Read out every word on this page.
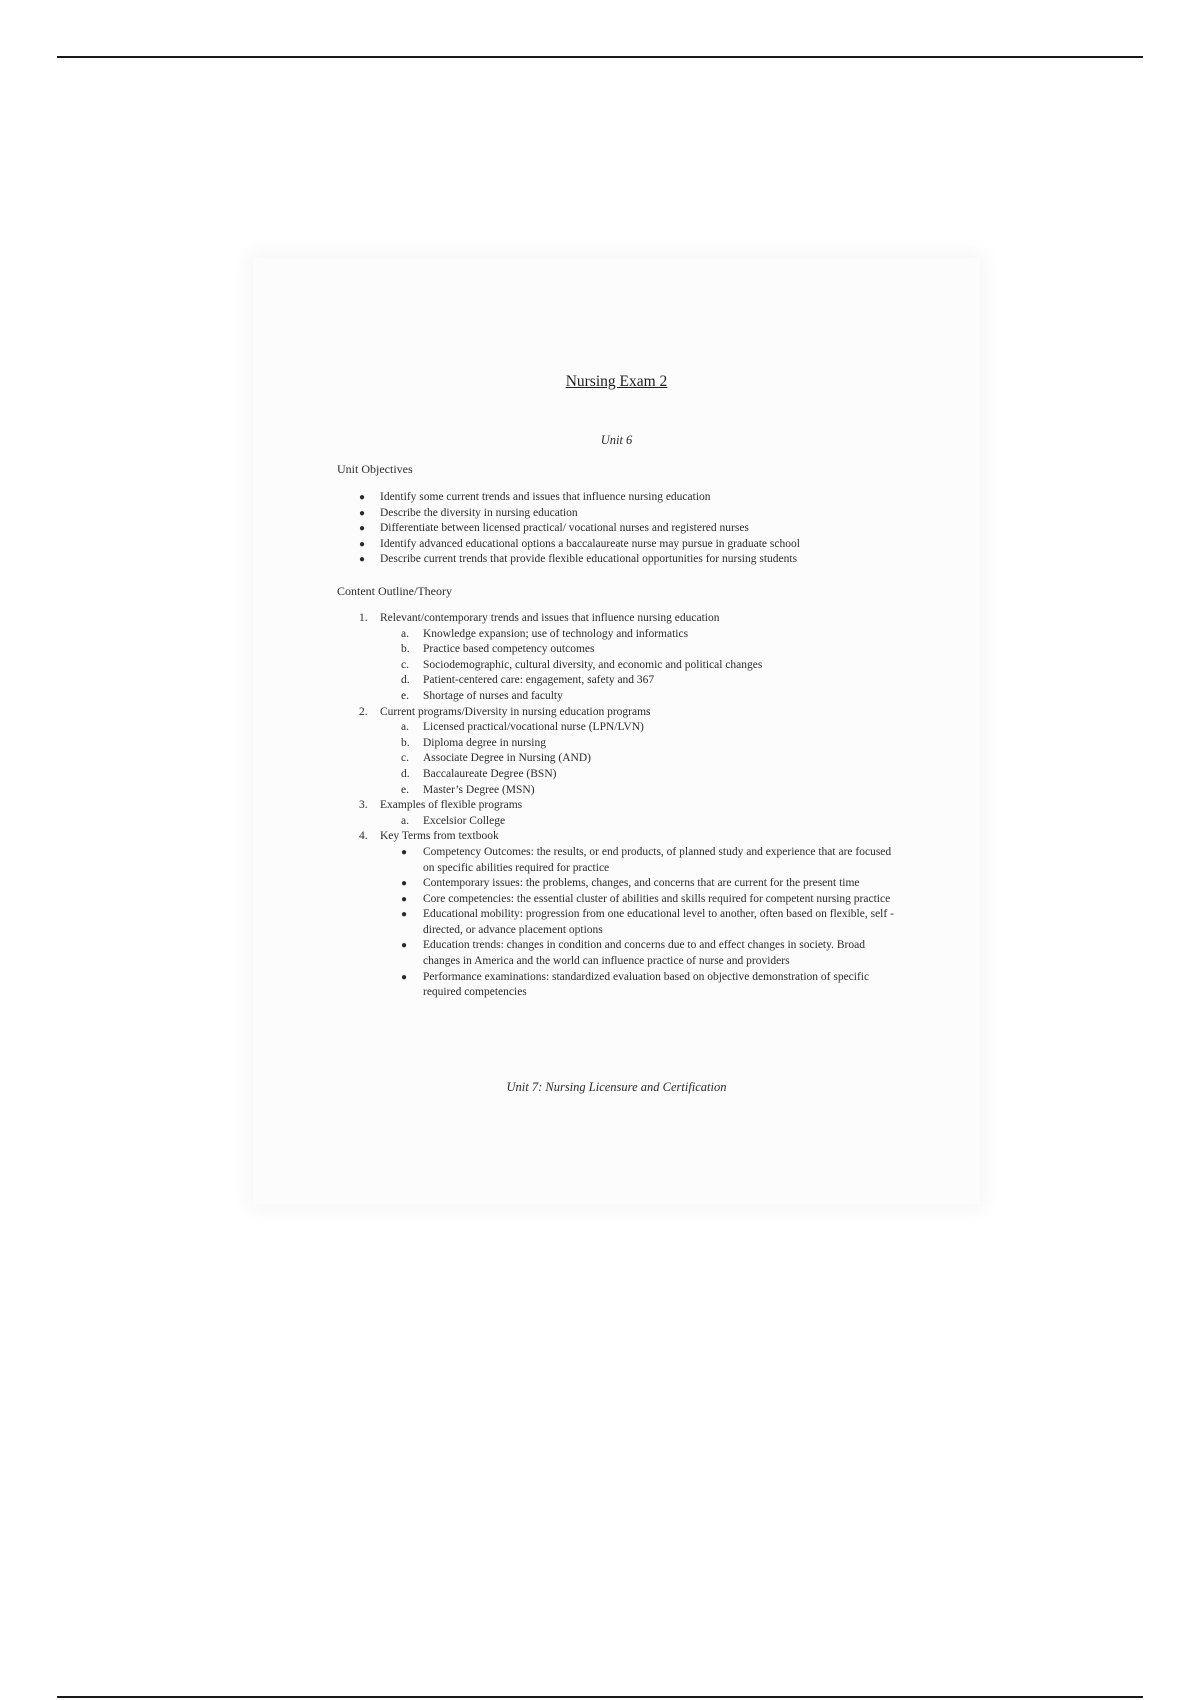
Nursing Exam 2
Unit 6
Unit Objectives
● Identify some current trends and issues that influence nursing education
● Describe the diversity in nursing education
● Differentiate between licensed practical/ vocational nurses and registered nurses
● Identify advanced educational options a baccalaureate nurse may pursue in graduate school
● Describe current trends that provide flexible educational opportunities for nursing students
Content Outline/Theory
1. Relevant/contemporary trends and issues that influence nursing education
a. Knowledge expansion; use of technology and informatics
b. Practice based competency outcomes
c. Sociodemographic, cultural diversity, and economic and political changes
d. Patient-centered care: engagement, safety and 367
e. Shortage of nurses and faculty
2. Current programs/Diversity in nursing education programs
a. Licensed practical/vocational nurse (LPN/LVN)
b. Diploma degree in nursing
c. Associate Degree in Nursing (AND)
d. Baccalaureate Degree (BSN)
e. Master’s Degree (MSN)
3. Examples of flexible programs
a. Excelsior College
4. Key Terms from textbook
● Competency Outcomes: the results, or end products, of planned study and experience that are focused on specific abilities required for practice
● Contemporary issues: the problems, changes, and concerns that are current for the present time
● Core competencies: the essential cluster of abilities and skills required for competent nursing practice
● Educational mobility: progression from one educational level to another, often based on flexible, self -directed, or advance placement options
● Education trends: changes in condition and concerns due to and effect changes in society. Broad changes in America and the world can influence practice of nurse and providers
● Performance examinations: standardized evaluation based on objective demonstration of specific required competencies
Unit 7: Nursing Licensure and Certification
